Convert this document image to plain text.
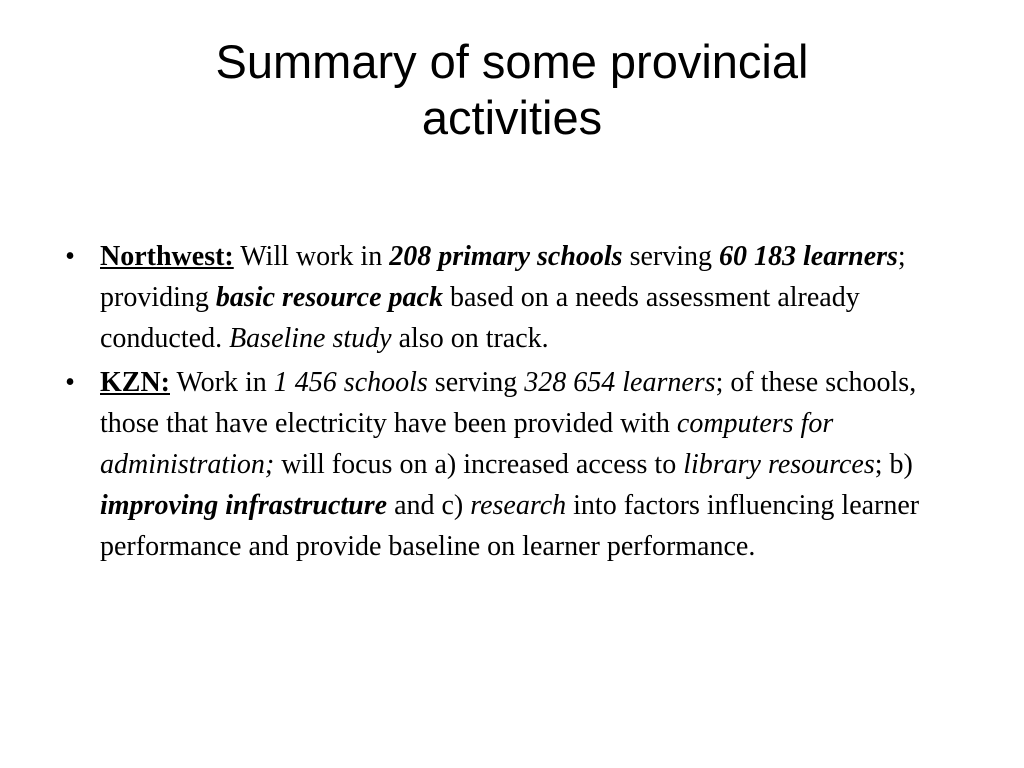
Summary of some provincial
activities
• Northwest: Will work in 208 primary schools serving 60 183 learners; providing basic resource pack based on a needs assessment already conducted. Baseline study also on track.
• KZN: Work in 1 456 schools serving 328 654 learners; of these schools, those that have electricity have been provided with computers for administration; will focus on a) increased access to library resources; b) improving infrastructure and c) research into factors influencing learner performance and provide baseline on learner performance.
